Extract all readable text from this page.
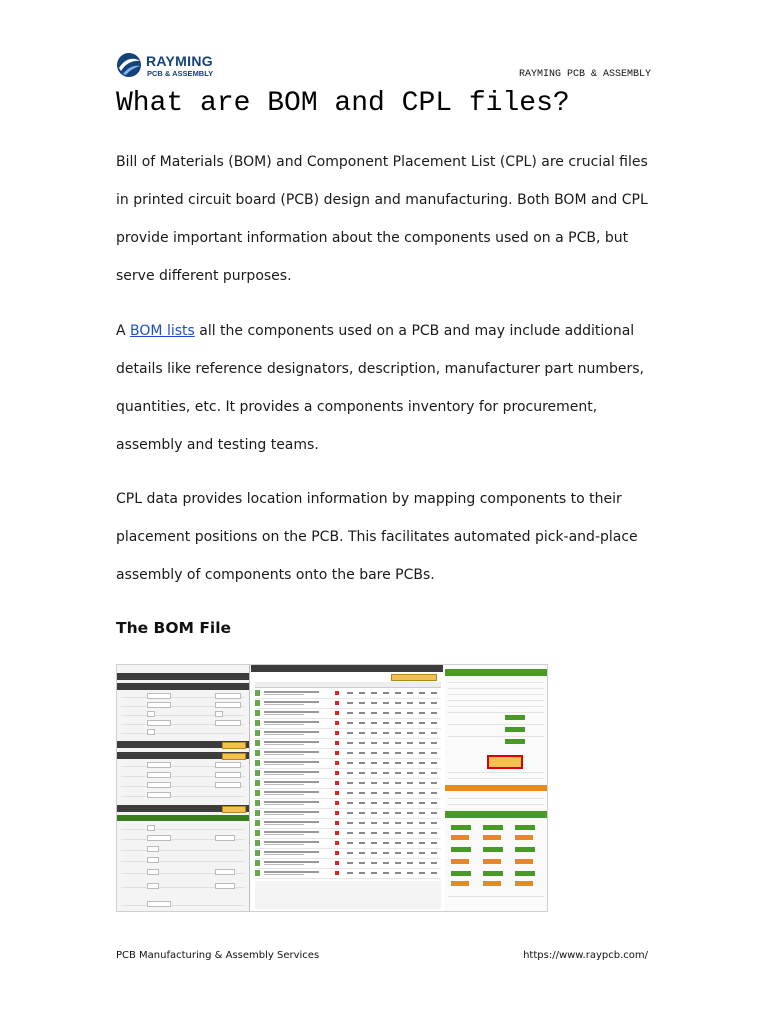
RAYMING
PCB & ASSEMBLY	RAYMING PCB & ASSEMBLY
What are BOM and CPL files?

Bill of Materials (BOM) and Component Placement List (CPL) are crucial files in printed circuit board (PCB) design and manufacturing. Both BOM and CPL provide important information about the components used on a PCB, but serve different purposes.

A BOM lists all the components used on a PCB and may include additional details like reference designators, description, manufacturer part numbers, quantities, etc. It provides a components inventory for procurement, assembly and testing teams.

CPL data provides location information by mapping components to their placement positions on the PCB. This facilitates automated pick-and-place assembly of components onto the bare PCBs.

The BOM File
PCB Manufacturing & Assembly Services	https://www.raypcb.com/
